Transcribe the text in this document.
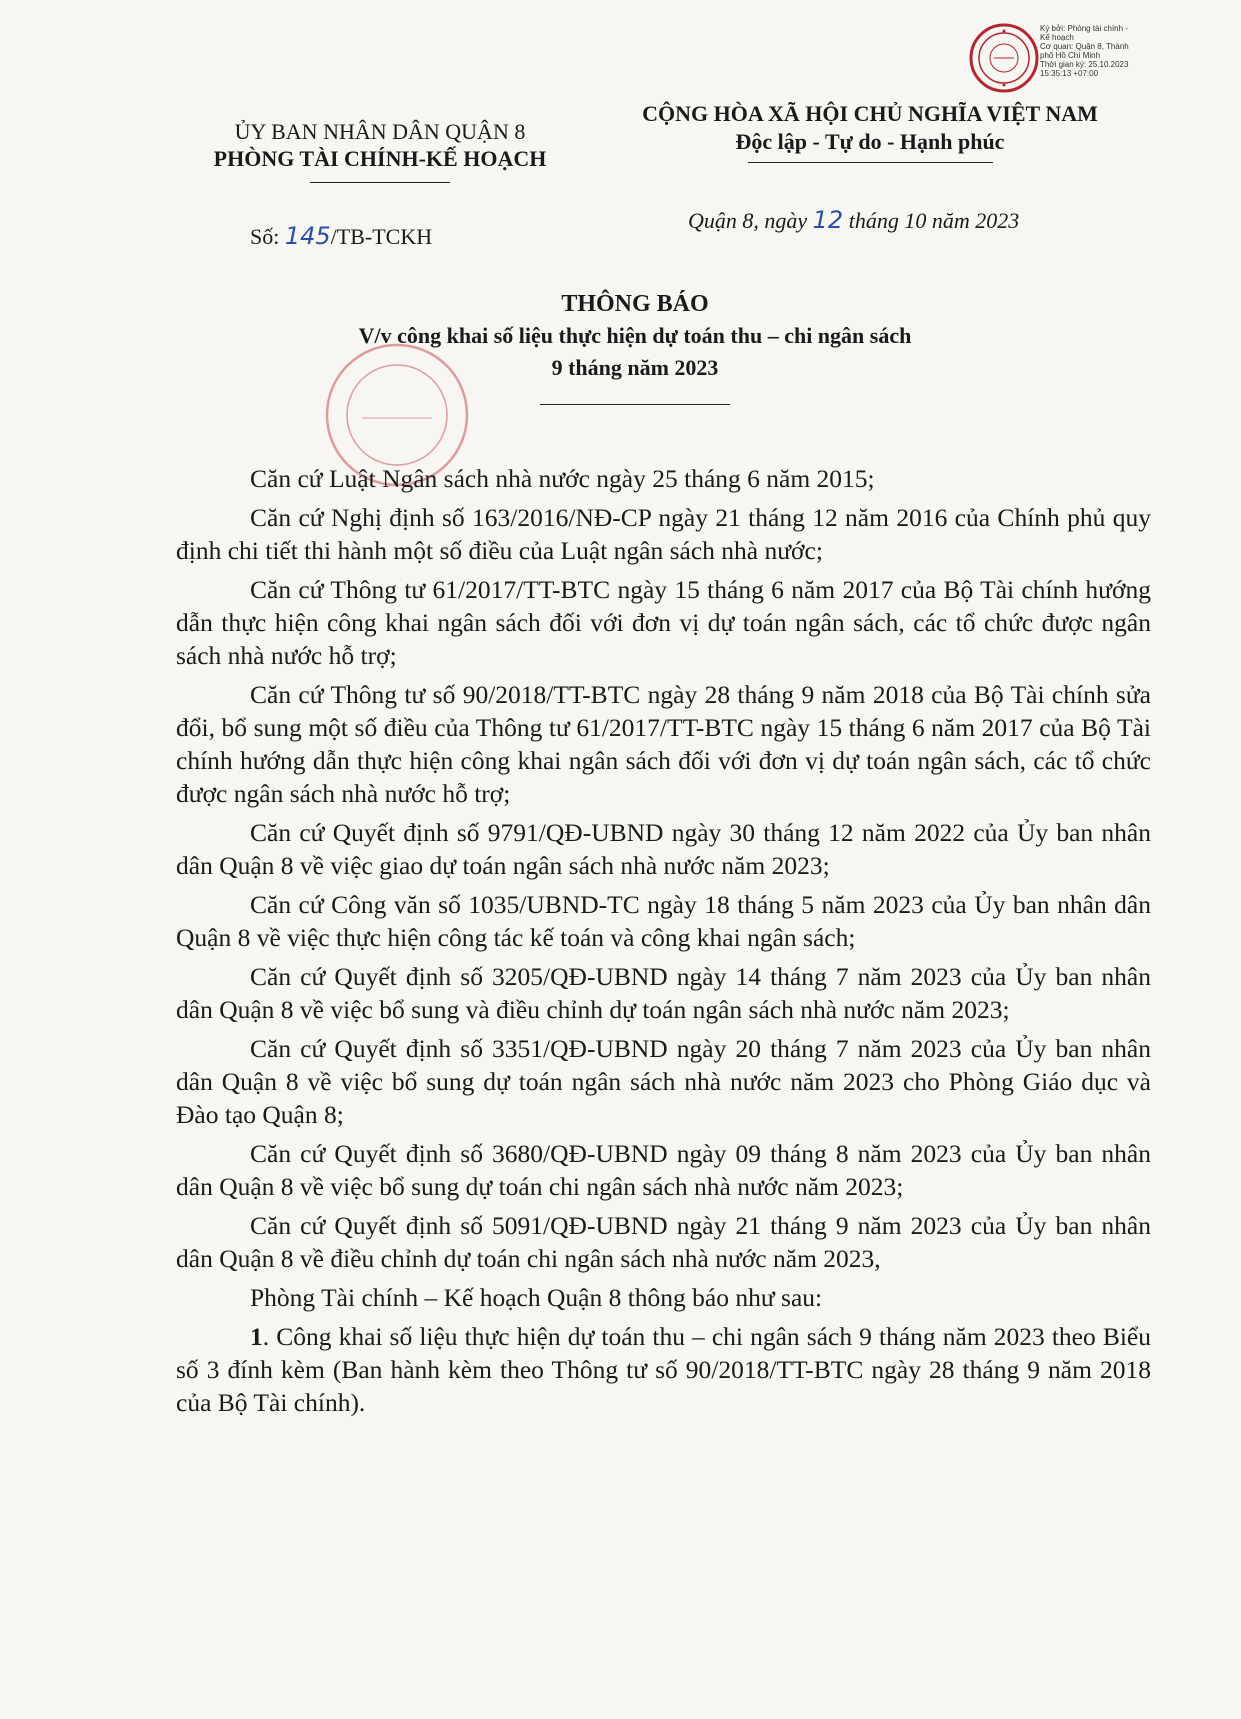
Ký bởi: Phòng tài chính -
Kế hoạch
Cơ quan: Quận 8, Thành
phố Hồ Chí Minh
Thời gian ký: 25.10.2023
15:35:13 +07:00
ỦY BAN NHÂN DÂN QUẬN 8
PHÒNG TÀI CHÍNH-KẾ HOẠCH
CỘNG HÒA XÃ HỘI CHỦ NGHĨA VIỆT NAM
Độc lập - Tự do - Hạnh phúc
Số: 145/TB-TCKH
Quận 8, ngày 12 tháng 10 năm 2023
THÔNG BÁO
V/v công khai số liệu thực hiện dự toán thu – chi ngân sách
9 tháng năm 2023

Căn cứ Luật Ngân sách nhà nước ngày 25 tháng 6 năm 2015;

Căn cứ Nghị định số 163/2016/NĐ-CP ngày 21 tháng 12 năm 2016 của Chính phủ quy định chi tiết thi hành một số điều của Luật ngân sách nhà nước;

Căn cứ Thông tư 61/2017/TT-BTC ngày 15 tháng 6 năm 2017 của Bộ Tài chính hướng dẫn thực hiện công khai ngân sách đối với đơn vị dự toán ngân sách, các tổ chức được ngân sách nhà nước hỗ trợ;

Căn cứ Thông tư số 90/2018/TT-BTC ngày 28 tháng 9 năm 2018 của Bộ Tài chính sửa đổi, bổ sung một số điều của Thông tư 61/2017/TT-BTC ngày 15 tháng 6 năm 2017 của Bộ Tài chính hướng dẫn thực hiện công khai ngân sách đối với đơn vị dự toán ngân sách, các tổ chức được ngân sách nhà nước hỗ trợ;

Căn cứ Quyết định số 9791/QĐ-UBND ngày 30 tháng 12 năm 2022 của Ủy ban nhân dân Quận 8 về việc giao dự toán ngân sách nhà nước năm 2023;

Căn cứ Công văn số 1035/UBND-TC ngày 18 tháng 5 năm 2023 của Ủy ban nhân dân Quận 8 về việc thực hiện công tác kế toán và công khai ngân sách;

Căn cứ Quyết định số 3205/QĐ-UBND ngày 14 tháng 7 năm 2023 của Ủy ban nhân dân Quận 8 về việc bổ sung và điều chỉnh dự toán ngân sách nhà nước năm 2023;

Căn cứ Quyết định số 3351/QĐ-UBND ngày 20 tháng 7 năm 2023 của Ủy ban nhân dân Quận 8 về việc bổ sung dự toán ngân sách nhà nước năm 2023 cho Phòng Giáo dục và Đào tạo Quận 8;

Căn cứ Quyết định số 3680/QĐ-UBND ngày 09 tháng 8 năm 2023 của Ủy ban nhân dân Quận 8 về việc bổ sung dự toán chi ngân sách nhà nước năm 2023;

Căn cứ Quyết định số 5091/QĐ-UBND ngày 21 tháng 9 năm 2023 của Ủy ban nhân dân Quận 8 về điều chỉnh dự toán chi ngân sách nhà nước năm 2023,

Phòng Tài chính – Kế hoạch Quận 8 thông báo như sau:

1. Công khai số liệu thực hiện dự toán thu – chi ngân sách 9 tháng năm 2023 theo Biểu số 3 đính kèm (Ban hành kèm theo Thông tư số 90/2018/TT-BTC ngày 28 tháng 9 năm 2018 của Bộ Tài chính).
